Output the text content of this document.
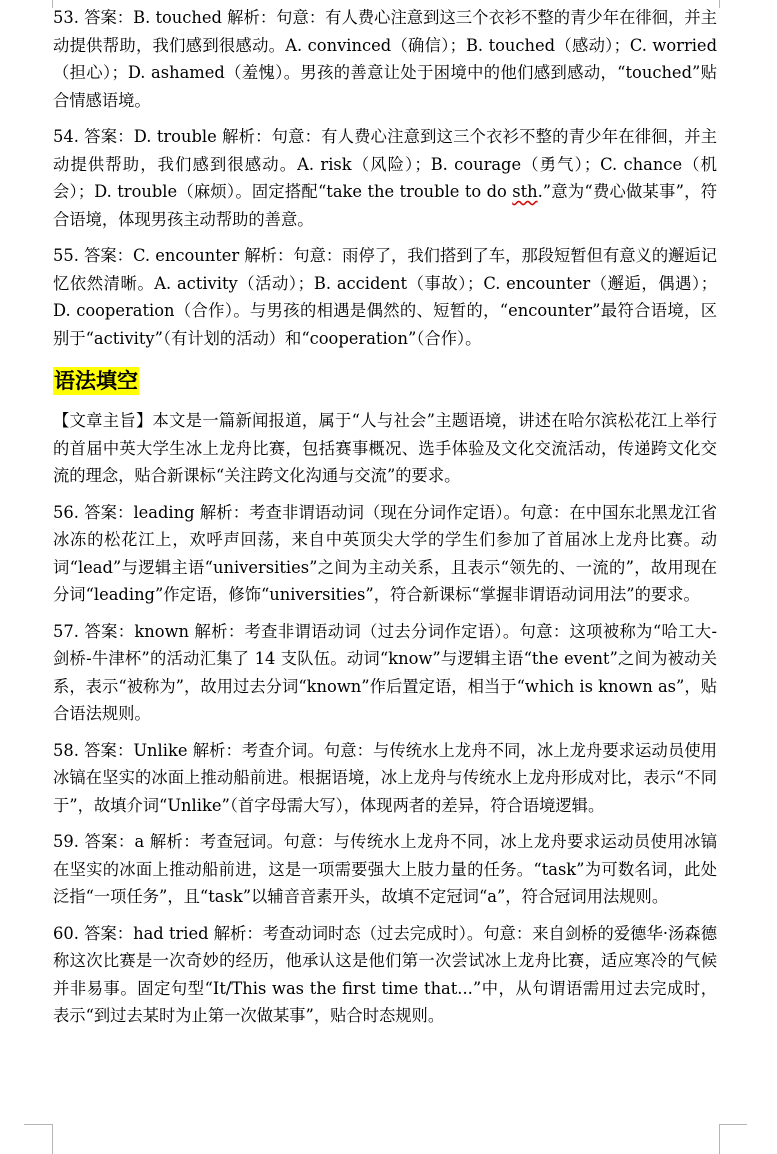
53. 答案：B. touched 解析：句意：有人费心注意到这三个衣衫不整的青少年在徘徊，并主动提供帮助，我们感到很感动。A. convinced（确信）；B. touched（感动）；C. worried（担心）；D. ashamed（羞愧）。男孩的善意让处于困境中的他们感到感动，“touched”贴合情感语境。

54. 答案：D. trouble 解析：句意：有人费心注意到这三个衣衫不整的青少年在徘徊，并主动提供帮助，我们感到很感动。A. risk（风险）；B. courage（勇气）；C. chance（机会）；D. trouble（麻烦）。固定搭配“take the trouble to do sth.”意为“费心做某事”，符合语境，体现男孩主动帮助的善意。

55. 答案：C. encounter 解析：句意：雨停了，我们搭到了车，那段短暂但有意义的邂逅记忆依然清晰。A. activity（活动）；B. accident（事故）；C. encounter（邂逅，偶遇）；D. cooperation（合作）。与男孩的相遇是偶然的、短暂的，“encounter”最符合语境，区别于“activity”（有计划的活动）和“cooperation”（合作）。

语法填空

【文章主旨】本文是一篇新闻报道，属于“人与社会”主题语境，讲述在哈尔滨松花江上举行的首届中英大学生冰上龙舟比赛，包括赛事概况、选手体验及文化交流活动，传递跨文化交流的理念，贴合新课标“关注跨文化沟通与交流”的要求。

56. 答案：leading 解析：考查非谓语动词（现在分词作定语）。句意：在中国东北黑龙江省冰冻的松花江上，欢呼声回荡，来自中英顶尖大学的学生们参加了首届冰上龙舟比赛。动词“lead”与逻辑主语“universities”之间为主动关系，且表示“领先的、一流的”，故用现在分词“leading”作定语，修饰“universities”，符合新课标“掌握非谓语动词用法”的要求。

57. 答案：known 解析：考查非谓语动词（过去分词作定语）。句意：这项被称为“哈工大-剑桥-牛津杯”的活动汇集了 14 支队伍。动词“know”与逻辑主语“the event”之间为被动关系，表示“被称为”，故用过去分词“known”作后置定语，相当于“which is known as”，贴合语法规则。

58. 答案：Unlike 解析：考查介词。句意：与传统水上龙舟不同，冰上龙舟要求运动员使用冰镐在坚实的冰面上推动船前进。根据语境，冰上龙舟与传统水上龙舟形成对比，表示“不同于”，故填介词“Unlike”（首字母需大写），体现两者的差异，符合语境逻辑。

59. 答案：a 解析：考查冠词。句意：与传统水上龙舟不同，冰上龙舟要求运动员使用冰镐在坚实的冰面上推动船前进，这是一项需要强大上肢力量的任务。“task”为可数名词，此处泛指“一项任务”，且“task”以辅音音素开头，故填不定冠词“a”，符合冠词用法规则。

60. 答案：had tried 解析：考查动词时态（过去完成时）。句意：来自剑桥的爱德华·汤森德称这次比赛是一次奇妙的经历，他承认这是他们第一次尝试冰上龙舟比赛，适应寒冷的气候并非易事。固定句型“It/This was the first time that...”中，从句谓语需用过去完成时，表示“到过去某时为止第一次做某事”，贴合时态规则。
